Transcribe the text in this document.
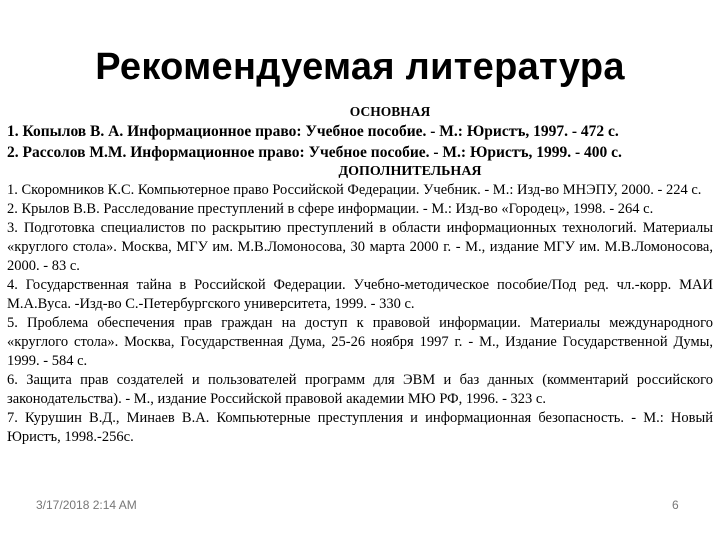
Рекомендуемая литература
ОСНОВНАЯ

1. Копылов В. А. Информационное право: Учебное пособие. - М.: Юристъ, 1997. - 472 с.

2. Рассолов М.М. Информационное право: Учебное пособие. - М.: Юристъ, 1999. - 400 с.

ДОПОЛНИТЕЛЬНАЯ

1. Скоромников К.С. Компьютерное право Российской Федерации. Учебник. - М.: Изд-во МНЭПУ, 2000. - 224 с.

2. Крылов В.В. Расследование преступлений в сфере информации. - М.: Изд-во «Городец», 1998. - 264 с.

3. Подготовка специалистов по раскрытию преступлений в области информационных технологий. Материалы «круглого стола». Москва, МГУ им. М.В.Ломоносова, 30 марта 2000 г. - М., издание МГУ им. М.В.Ломоносова, 2000. - 83 с.

4. Государственная тайна в Российской Федерации. Учебно-методическое пособие/Под ред. чл.-корр. МАИ М.А.Вуса. -Изд-во С.-Петербургского университета, 1999. - 330 с.

5. Проблема обеспечения прав граждан на доступ к правовой информации. Материалы международного «круглого стола». Москва, Государственная Дума, 25-26 ноября 1997 г. - М., Издание Государственной Думы, 1999. - 584 с.

6. Защита прав создателей и пользователей программ для ЭВМ и баз данных (комментарий российского законодательства). - М., издание Российской правовой академии МЮ РФ, 1996. - 323 с.

7. Курушин В.Д., Минаев В.А. Компьютерные преступления и информационная безопасность. - М.: Новый Юристъ, 1998.-256с.

3/17/2018 2:14 AM	6
